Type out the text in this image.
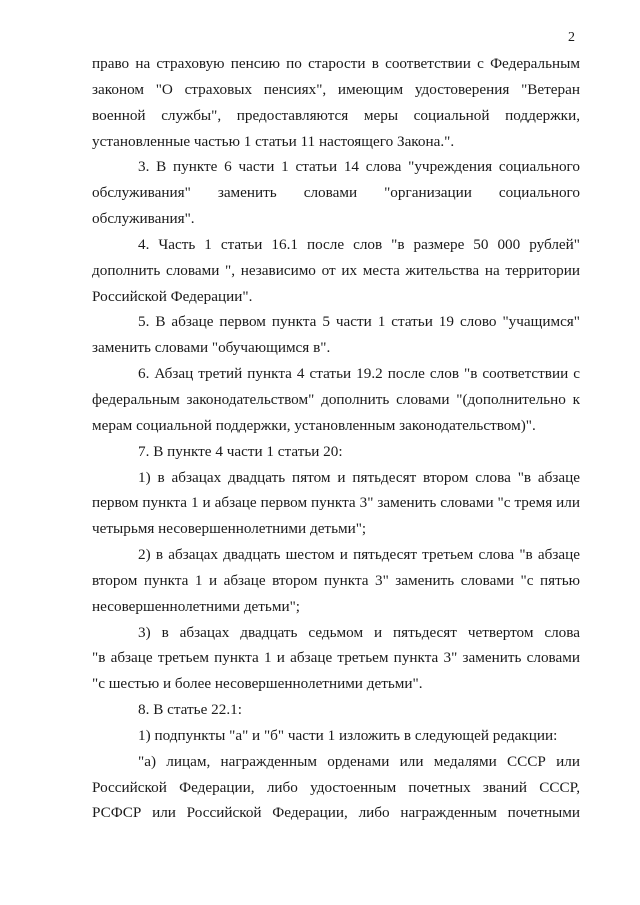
2
право на страховую пенсию по старости в соответствии с Федеральным
законом "О страховых пенсиях", имеющим удостоверения "Ветеран
военной службы", предоставляются меры социальной поддержки,
установленные частью 1 статьи 11 настоящего Закона.".
3. В пункте 6 части 1 статьи 14 слова "учреждения социального
обслуживания" заменить словами "организации социального
обслуживания".
4. Часть 1 статьи 16.1 после слов "в размере 50 000 рублей"
дополнить словами ", независимо от их места жительства на территории
Российской Федерации".
5. В абзаце первом пункта 5 части 1 статьи 19 слово "учащимся"
заменить словами "обучающимся в".
6. Абзац третий пункта 4 статьи 19.2 после слов "в соответствии с
федеральным законодательством" дополнить словами "(дополнительно к
мерам социальной поддержки, установленным законодательством)".
7. В пункте 4 части 1 статьи 20:
1) в абзацах двадцать пятом и пятьдесят втором слова "в абзаце
первом пункта 1 и абзаце первом пункта 3" заменить словами "с тремя или
четырьмя несовершеннолетними детьми";
2) в абзацах двадцать шестом и пятьдесят третьем слова "в абзаце
втором пункта 1 и абзаце втором пункта 3" заменить словами "с пятью
несовершеннолетними детьми";
3) в абзацах двадцать седьмом и пятьдесят четвертом слова
"в абзаце третьем пункта 1 и абзаце третьем пункта 3" заменить словами
"с шестью и более несовершеннолетними детьми".
8. В статье 22.1:
1) подпункты "а" и "б" части 1 изложить в следующей редакции:
"а) лицам, награжденным орденами или медалями СССР или
Российской Федерации, либо удостоенным почетных званий СССР,
РСФСР или Российской Федерации, либо награжденным почетными
